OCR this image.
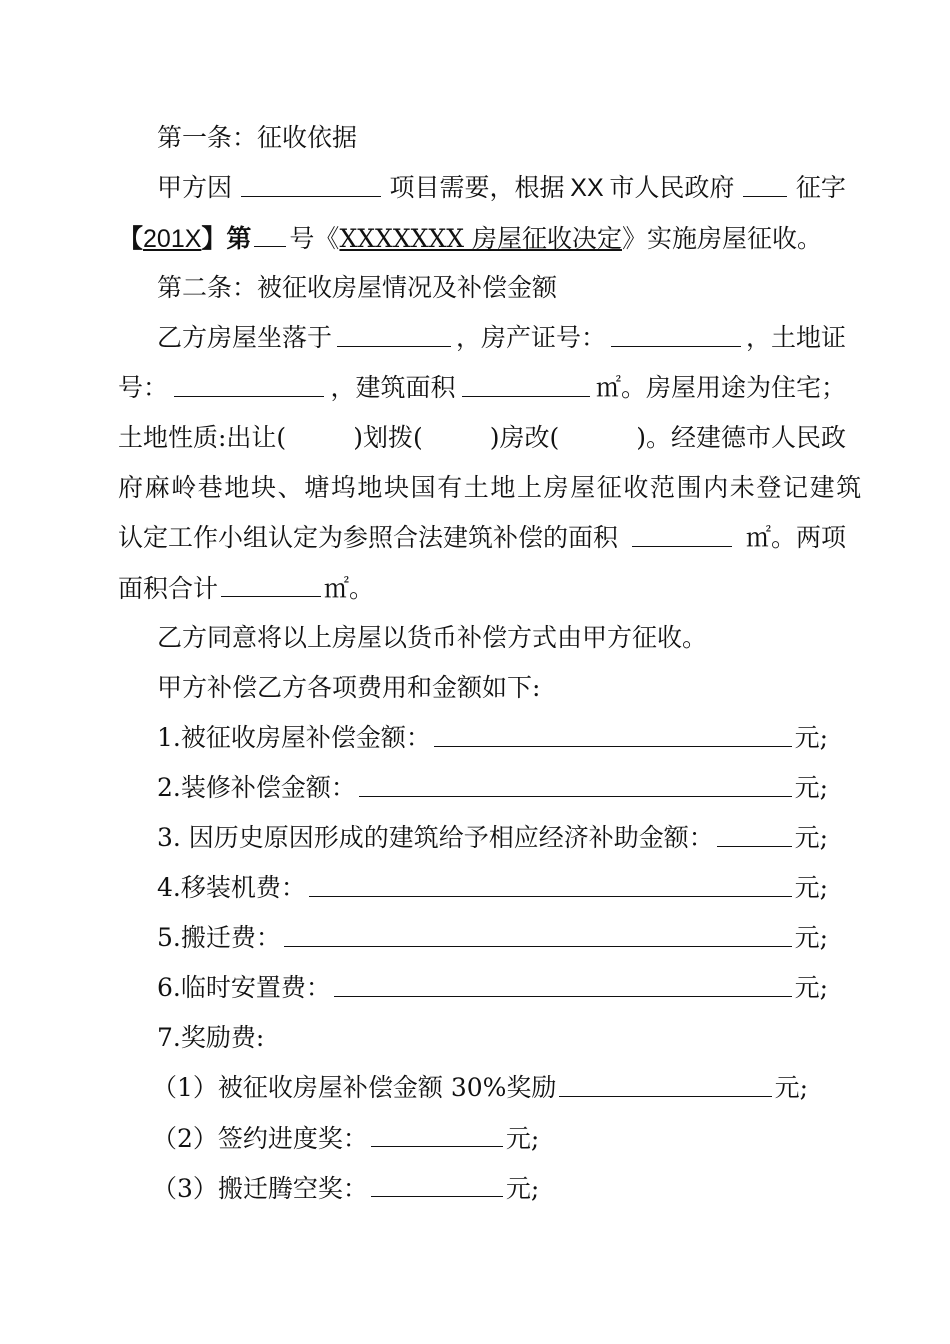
第一条：征收依据
甲方因	项目需要，根据 XX 市人民政府 征字
【201X】第 号《XXXXXXX 房屋征收决定》实施房屋征收。
第二条：被征收房屋情况及补偿金额
乙方房屋坐落于	，房产证号：	，土地证
号：	，建筑面积	㎡。房屋用途为住宅；
土地性质:出让(	)划拨(	)房改(	)。经建德市人民政
府麻岭巷地块、塘坞地块国有土地上房屋征收范围内未登记建筑
认定工作小组认定为参照合法建筑补偿的面积	㎡。两项
面积合计	㎡。
乙方同意将以上房屋以货币补偿方式由甲方征收。
甲方补偿乙方各项费用和金额如下:
1.被征收房屋补偿金额：	元;
2.装修补偿金额：	元;
3. 因历史原因形成的建筑给予相应经济补助金额：	元;
4.移装机费：	元;
5.搬迁费：	元;
6.临时安置费：	元;
7.奖励费:
（1）被征收房屋补偿金额 30%奖励	元;
（2）签约进度奖：	元;
（3）搬迁腾空奖：	元;
